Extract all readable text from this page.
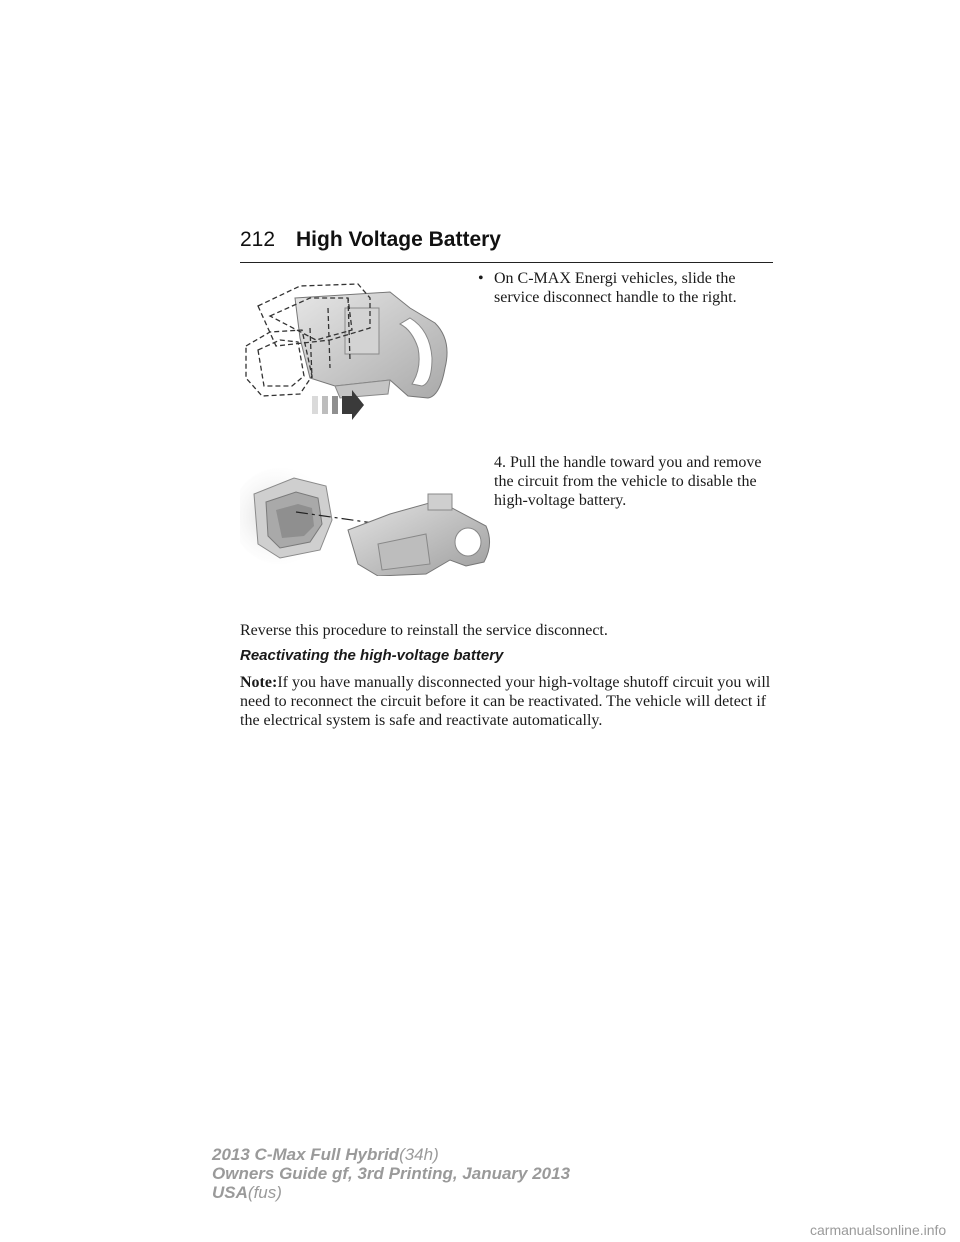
212 High Voltage Battery
• On C-MAX Energi vehicles, slide the service disconnect handle to the right.
4. Pull the handle toward you and remove the circuit from the vehicle to disable the high-voltage battery.
Reverse this procedure to reinstall the service disconnect.
Reactivating the high-voltage battery
Note:If you have manually disconnected your high-voltage shutoff circuit you will need to reconnect the circuit before it can be reactivated. The vehicle will detect if the electrical system is safe and reactivate automatically.
2013 C-Max Full Hybrid(34h)
Owners Guide gf, 3rd Printing, January 2013
USA(fus)
carmanualsonline.info
